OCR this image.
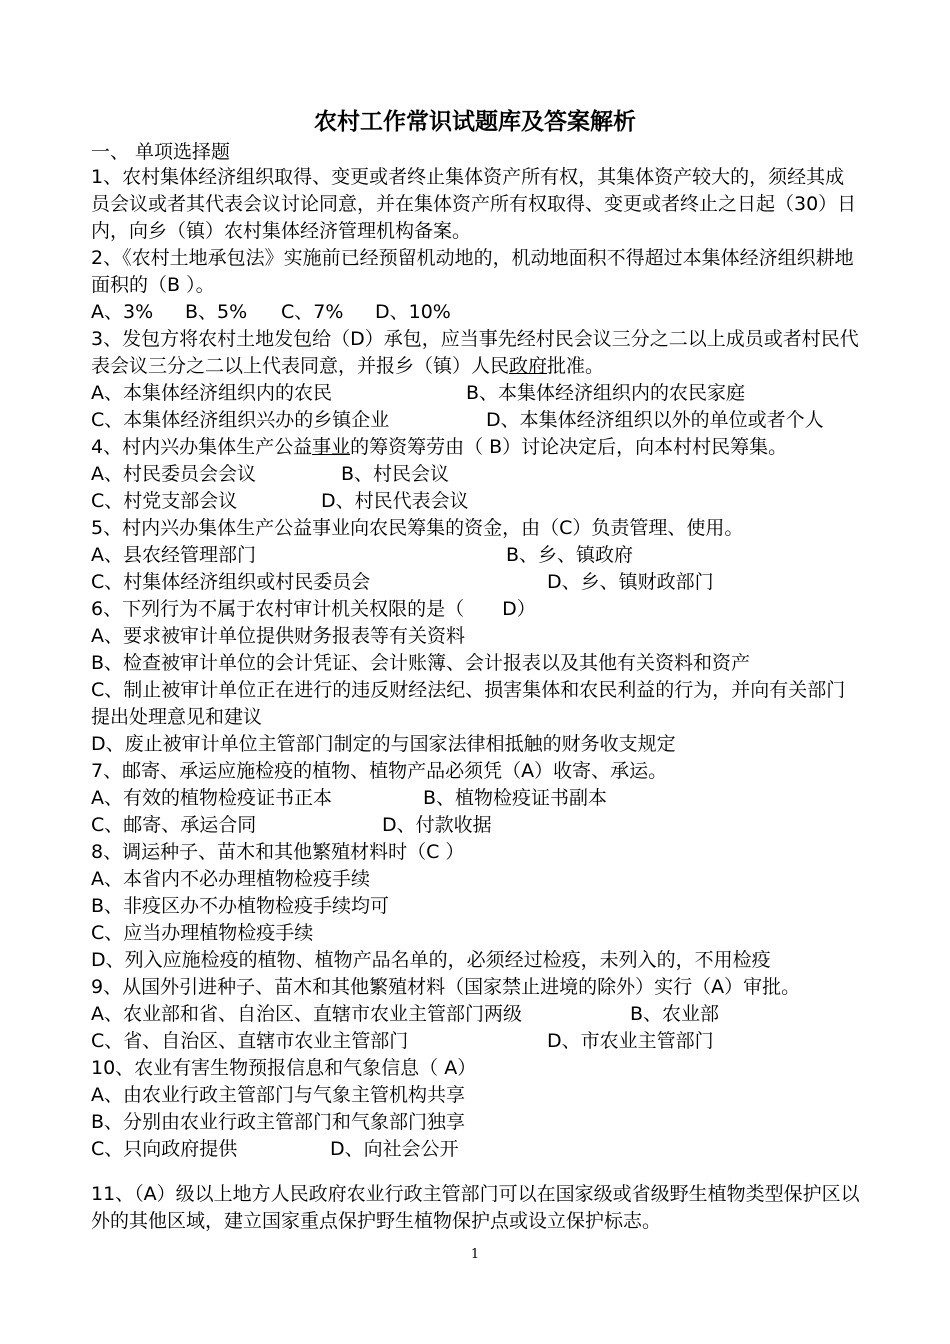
农村工作常识试题库及答案解析
一、 单项选择题
1、农村集体经济组织取得、变更或者终止集体资产所有权，其集体资产较大的，须经其成员会议或者其代表会议讨论同意，并在集体资产所有权取得、变更或者终止之日起（30）日内，向乡（镇）农村集体经济管理机构备案。
2、《农村土地承包法》实施前已经预留机动地的，机动地面积不得超过本集体经济组织耕地面积的（B ）。
A、3% B、5% C、7% D、10%
3、发包方将农村土地发包给（D）承包，应当事先经村民会议三分之二以上成员或者村民代表会议三分之二以上代表同意，并报乡（镇）人民政府批准。
A、本集体经济组织内的农民	B、本集体经济组织内的农民家庭
C、本集体经济组织兴办的乡镇企业	D、本集体经济组织以外的单位或者个人
4、村内兴办集体生产公益事业的筹资筹劳由（ B）讨论决定后，向本村村民筹集。
A、村民委员会会议	B、村民会议
C、村党支部会议	D、村民代表会议
5、村内兴办集体生产公益事业向农民筹集的资金，由（C）负责管理、使用。
A、县农经管理部门	B、乡、镇政府
C、村集体经济组织或村民委员会	D、乡、镇财政部门
6、下列行为不属于农村审计机关权限的是（　　D）
A、要求被审计单位提供财务报表等有关资料
B、检查被审计单位的会计凭证、会计账簿、会计报表以及其他有关资料和资产
C、制止被审计单位正在进行的违反财经法纪、损害集体和农民利益的行为，并向有关部门提出处理意见和建议
D、废止被审计单位主管部门制定的与国家法律相抵触的财务收支规定
7、邮寄、承运应施检疫的植物、植物产品必须凭（A）收寄、承运。
A、有效的植物检疫证书正本	B、植物检疫证书副本
C、邮寄、承运合同	D、付款收据
8、调运种子、苗木和其他繁殖材料时（C ）
A、本省内不必办理植物检疫手续
B、非疫区办不办植物检疫手续均可
C、应当办理植物检疫手续
D、列入应施检疫的植物、植物产品名单的，必须经过检疫，未列入的，不用检疫
9、从国外引进种子、苗木和其他繁殖材料（国家禁止进境的除外）实行（A）审批。
A、农业部和省、自治区、直辖市农业主管部门两级	B、农业部
C、省、自治区、直辖市农业主管部门	D、市农业主管部门
10、农业有害生物预报信息和气象信息（ A）
A、由农业行政主管部门与气象主管机构共享
B、分别由农业行政主管部门和气象部门独享
C、只向政府提供	D、向社会公开
11、（A）级以上地方人民政府农业行政主管部门可以在国家级或省级野生植物类型保护区以外的其他区域，建立国家重点保护野生植物保护点或设立保护标志。
1
